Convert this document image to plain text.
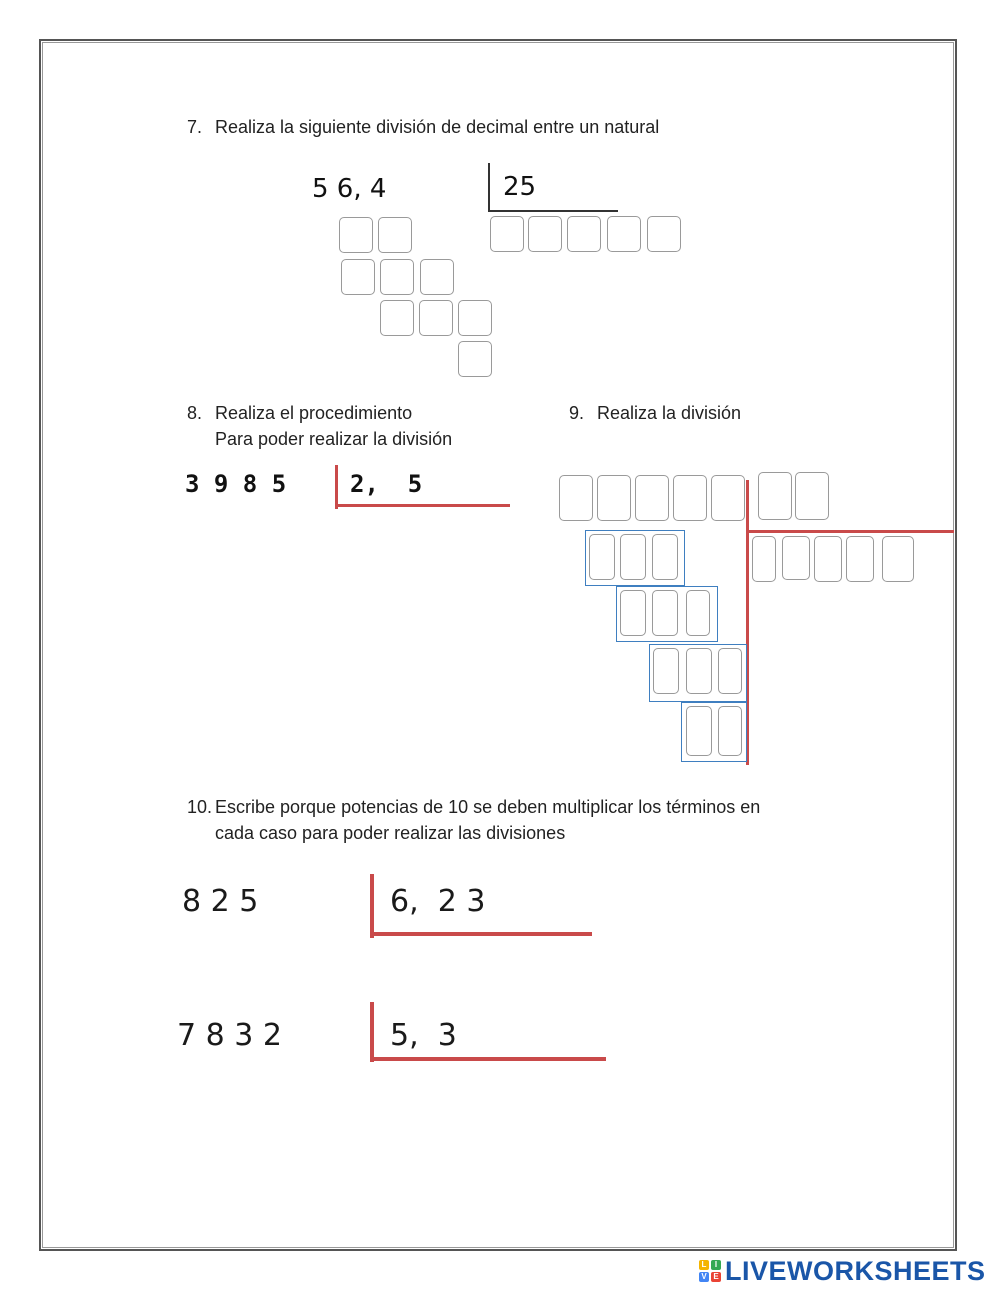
7. Realiza la siguiente división de decimal entre un natural
5 6, 4	25
8. Realiza el procedimiento
Para poder realizar la división
3 9 8 5	2,  5
9. Realiza la división
10. Escribe porque potencias de 10 se deben multiplicar los términos en
cada caso para poder realizar las divisiones
8 2 5	6,  2 3
7 8 3 2	5,  3
L	I
V E LIVEWORKSHEETS
